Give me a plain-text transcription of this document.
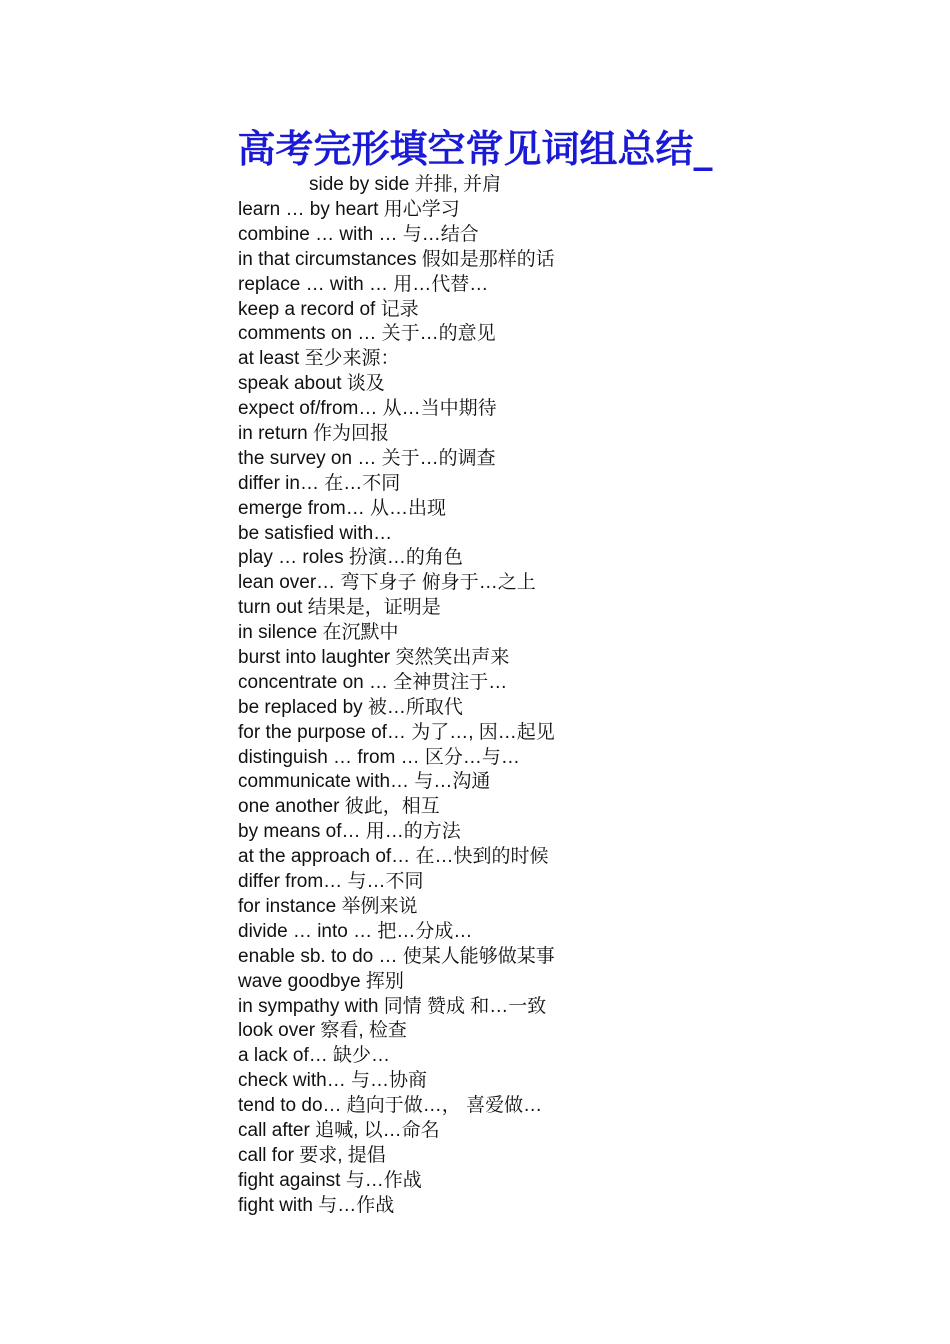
高考完形填空常见词组总结_
side by side 并排, 并肩
learn … by heart 用心学习
combine … with … 与…结合
in that circumstances 假如是那样的话
replace … with … 用…代替…
keep a record of 记录
comments on … 关于…的意见
at least 至少来源：
speak about 谈及
expect of/from… 从…当中期待
in return 作为回报
the survey on … 关于…的调查
differ in… 在…不同
emerge from… 从…出现
be satisfied with…
play … roles 扮演…的角色
lean over… 弯下身子 俯身于…之上
turn out 结果是，证明是
in silence 在沉默中
burst into laughter 突然笑出声来
concentrate on … 全神贯注于…
be replaced by 被…所取代
for the purpose of… 为了…, 因…起见
distinguish … from … 区分…与…
communicate with… 与…沟通
one another 彼此，相互
by means of… 用…的方法
at the approach of… 在…快到的时候
differ from… 与…不同
for instance 举例来说
divide … into … 把…分成…
enable sb. to do … 使某人能够做某事
wave goodbye 挥别
in sympathy with 同情 赞成 和…一致
look over 察看, 检查
a lack of… 缺少…
check with… 与…协商
tend to do… 趋向于做…， 喜爱做…
call after 追喊, 以…命名
call for 要求, 提倡
fight against 与…作战
fight with 与…作战
